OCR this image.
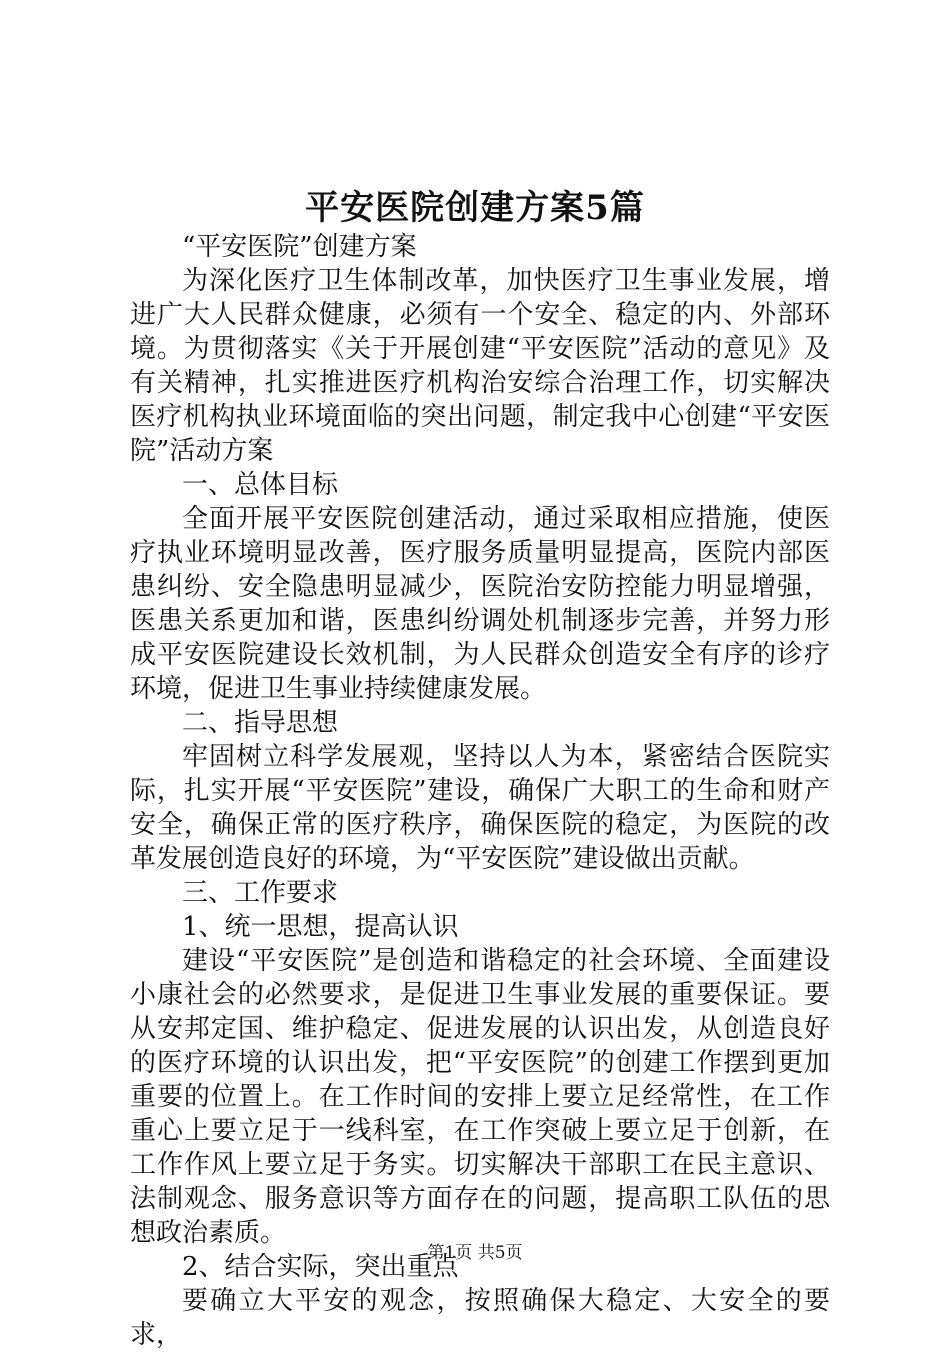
平安医院创建方案5篇

“平安医院”创建方案

为深化医疗卫生体制改革，加快医疗卫生事业发展，增进广大人民群众健康，必须有一个安全、稳定的内、外部环境。为贯彻落实《关于开展创建“平安医院”活动的意见》及有关精神，扎实推进医疗机构治安综合治理工作，切实解决医疗机构执业环境面临的突出问题，制定我中心创建“平安医院”活动方案

一、总体目标

全面开展平安医院创建活动，通过采取相应措施，使医疗执业环境明显改善，医疗服务质量明显提高，医院内部医患纠纷、安全隐患明显减少，医院治安防控能力明显增强，医患关系更加和谐，医患纠纷调处机制逐步完善，并努力形成平安医院建设长效机制，为人民群众创造安全有序的诊疗环境，促进卫生事业持续健康发展。

二、指导思想

牢固树立科学发展观，坚持以人为本，紧密结合医院实际，扎实开展“平安医院”建设，确保广大职工的生命和财产安全，确保正常的医疗秩序，确保医院的稳定，为医院的改革发展创造良好的环境，为“平安医院”建设做出贡献。

三、工作要求

1、统一思想，提高认识

建设“平安医院”是创造和谐稳定的社会环境、全面建设小康社会的必然要求，是促进卫生事业发展的重要保证。要从安邦定国、维护稳定、促进发展的认识出发，从创造良好的医疗环境的认识出发，把“平安医院”的创建工作摆到更加重要的位置上。在工作时间的安排上要立足经常性，在工作重心上要立足于一线科室，在工作突破上要立足于创新，在工作作风上要立足于务实。切实解决干部职工在民主意识、法制观念、服务意识等方面存在的问题，提高职工队伍的思想政治素质。

2、结合实际，突出重点

要确立大平安的观念，按照确保大稳定、大安全的要求，

第1页 共5页
